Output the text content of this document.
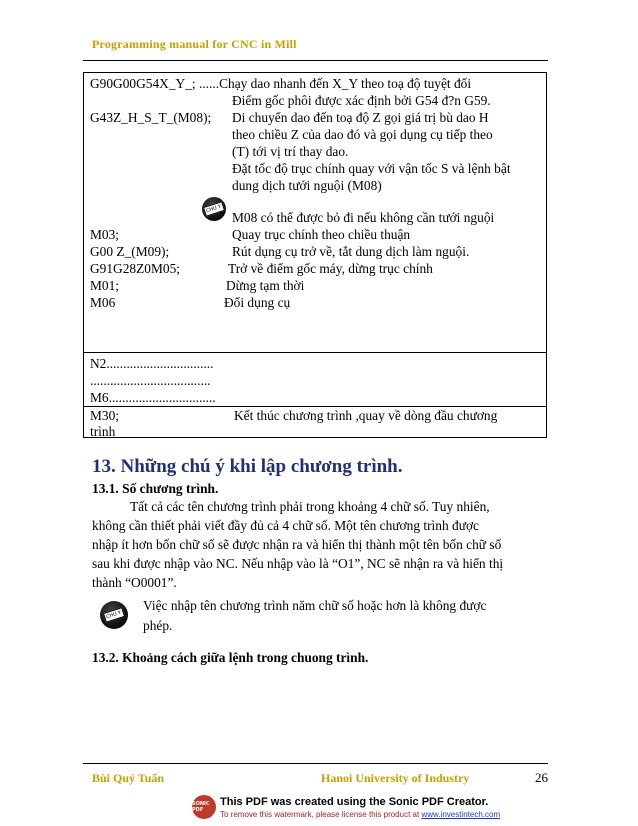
Programming manual for CNC in Mill
G90G00G54X_Y_; ......Chạy dao nhanh đến X_Y theo toạ độ tuyệt đối
Điểm gốc phôi được xác định bởi G54 đ?n G59.
G43Z_H_S_T_(M08); Di chuyển dao đến toạ độ Z gọi giá trị bù dao H
theo chiều Z của dao đó và gọi dụng cụ tiếp theo
(T) tới vị trí thay dao.
Đặt tốc độ trục chính quay với vận tốc S và lệnh bật
dung dịch tưới nguội (M08)
CHÚ Ý
M08 có thể được bỏ đi nếu không cần tưới nguội
M03;	Quay trục chính theo chiều thuận
G00 Z_(M09);	Rút dụng cụ trở về, tắt dung dịch làm nguội.
G91G28Z0M05;	Trở về điểm gốc máy, dừng trục chính
M01;	Dừng tạm thời
M06	Đổi dụng cụ
N2................................
....................................
M6................................
M30;	Kết thúc chương trình ,quay về dòng đầu chương
trình
13. Những chú ý khi lập chương trình.
13.1. Số chương trình.
Tất cả các tên chương trình phải trong khoảng 4 chữ số. Tuy nhiên,
không cần thiết phải viết đầy đủ cả 4 chữ số. Một tên chương trình được
nhập ít hơn bốn chữ số sẽ được nhận ra và hiển thị thành một tên bốn chữ số
sau khi được nhập vào NC. Nếu nhập vào là “O1”, NC sẽ nhận ra và hiển thị
thành “O0001”.
CHÚ Ý
Việc nhập tên chương trình năm chữ số hoặc hơn là không được
phép.
13.2. Khoảng cách giữa lệnh trong chuong trình.
Bùi Quý Tuấn	Hanoi University of Industry	26
SONIC PDF
This PDF was created using the Sonic PDF Creator.
To remove this watermark, please license this product at www.investintech.com
